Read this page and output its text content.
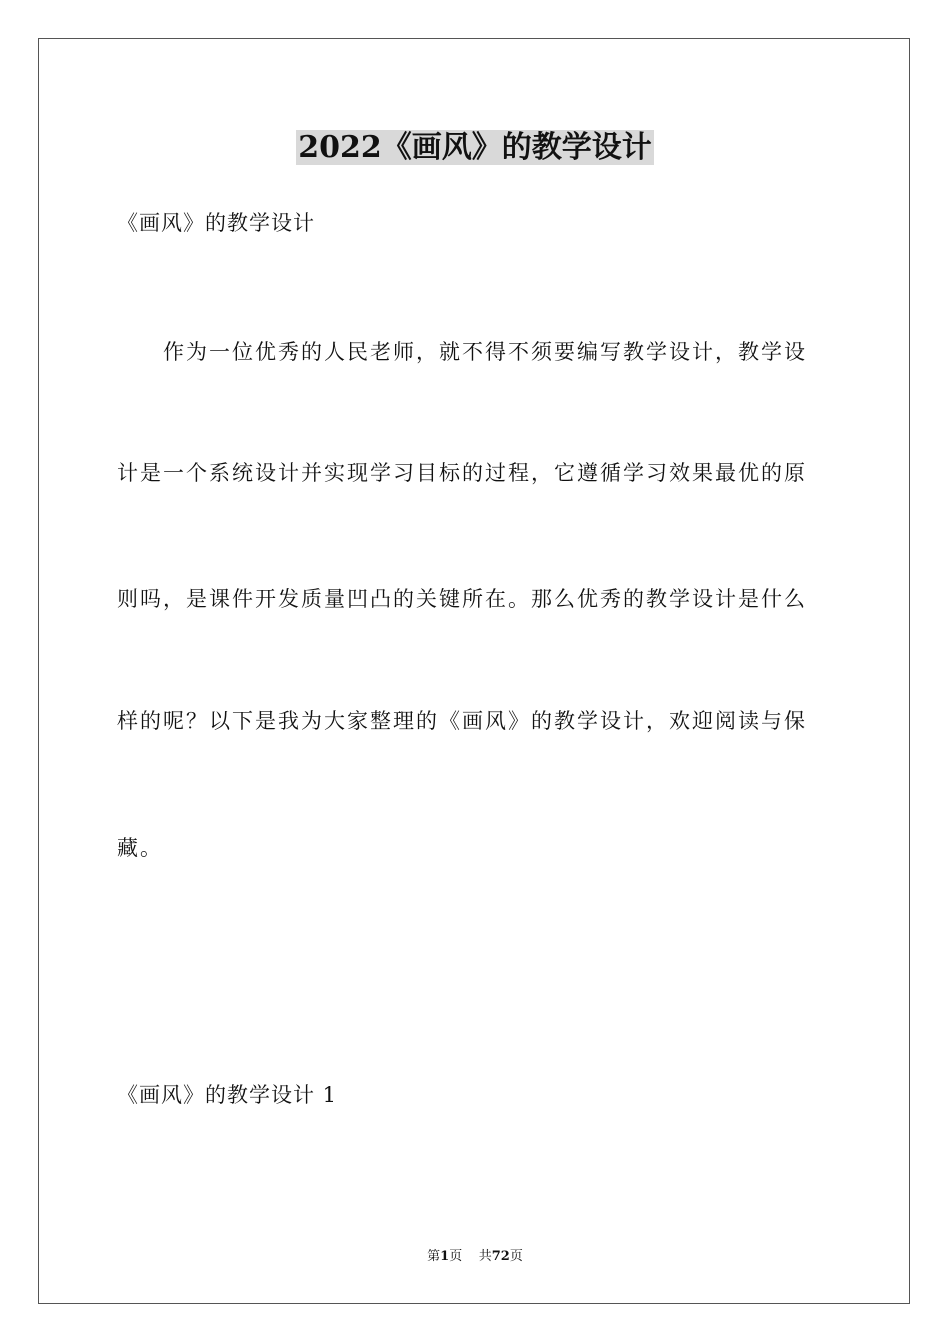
2022《画风》的教学设计
《画风》的教学设计
作为一位优秀的人民老师，就不得不须要编写教学设计，教学设
计是一个系统设计并实现学习目标的过程，它遵循学习效果最优的原
则吗，是课件开发质量凹凸的关键所在。那么优秀的教学设计是什么
样的呢？以下是我为大家整理的《画风》的教学设计，欢迎阅读与保
藏。
《画风》的教学设计 1
第1页 共72页
